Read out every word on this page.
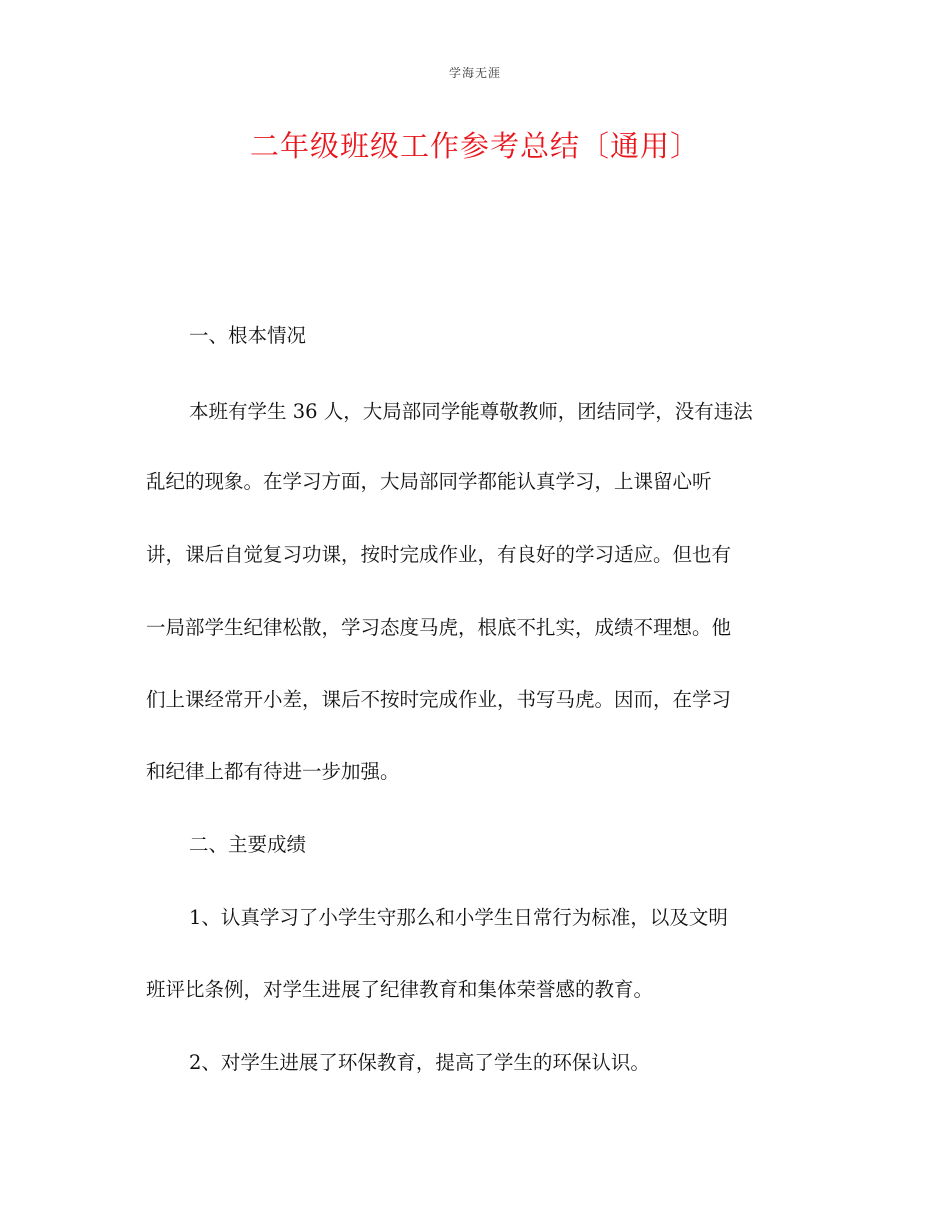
学海无涯
二年级班级工作参考总结〔通用〕
一、根本情况
本班有学生 36 人，大局部同学能尊敬教师，团结同学，没有违法
乱纪的现象。在学习方面，大局部同学都能认真学习，上课留心听
讲，课后自觉复习功课，按时完成作业，有良好的学习适应。但也有
一局部学生纪律松散，学习态度马虎，根底不扎实，成绩不理想。他
们上课经常开小差，课后不按时完成作业，书写马虎。因而，在学习
和纪律上都有待进一步加强。
二、主要成绩
1、认真学习了小学生守那么和小学生日常行为标准，以及文明
班评比条例，对学生进展了纪律教育和集体荣誉感的教育。
2、对学生进展了环保教育，提高了学生的环保认识。
